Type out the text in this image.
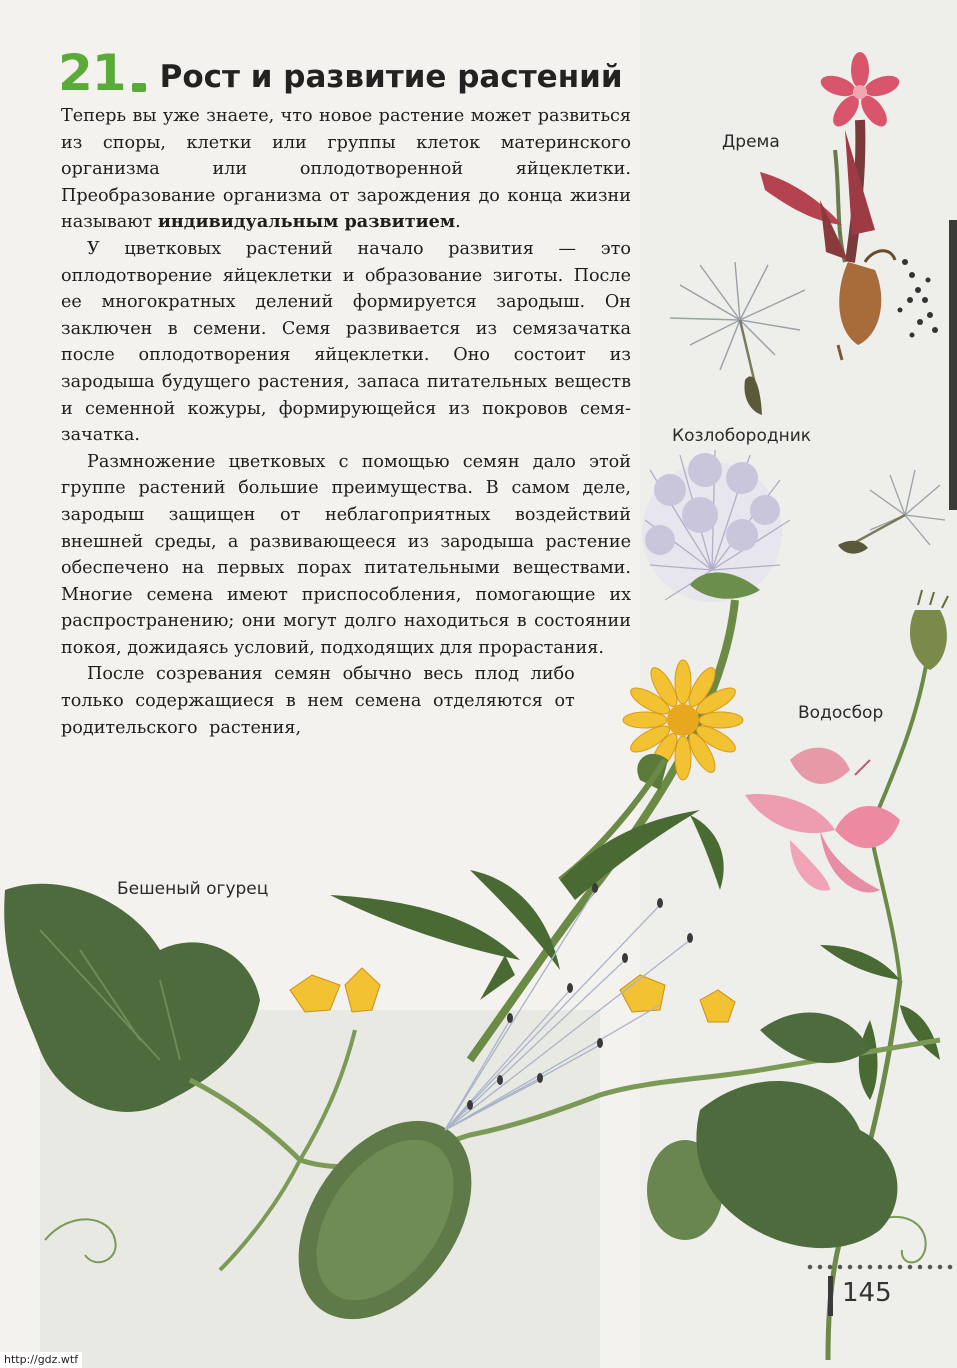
21 Рост и развитие растений

Теперь вы уже знаете, что новое растение может развиться из споры, клетки или группы клеток материнского организма или оплодотворенной яйцеклетки. Преобразование организма от зарождения до конца жизни называют индивидуальным развитием.

У цветковых растений начало развития — это оплодотворение яйцеклетки и образование зиготы. После ее многократных делений формируется зародыш. Он заключен в семени. Семя развивается из семязачатка после оплодотворения яйцеклетки. Оно состоит из зародыша будущего растения, запаса питательных веществ и семенной кожуры, формирующейся из покровов семязачатка.

Размножение цветковых с помощью семян дало этой группе растений большие преимущества. В самом деле, зародыш защищен от неблагоприятных воздействий внешней среды, а развивающееся из зародыша растение обеспечено на первых порах питательными веществами. Многие семена имеют приспособления, помогающие их распространению; они могут долго находиться в состоянии покоя, дожидаясь условий, подходящих для прорастания.

После созревания семян обычно весь плод либо только содержащиеся в нем семена отделяются от родительского растения,

Дрема
Козлобородник
Водосбор
Бешеный огурец
145
http://gdz.wtf
